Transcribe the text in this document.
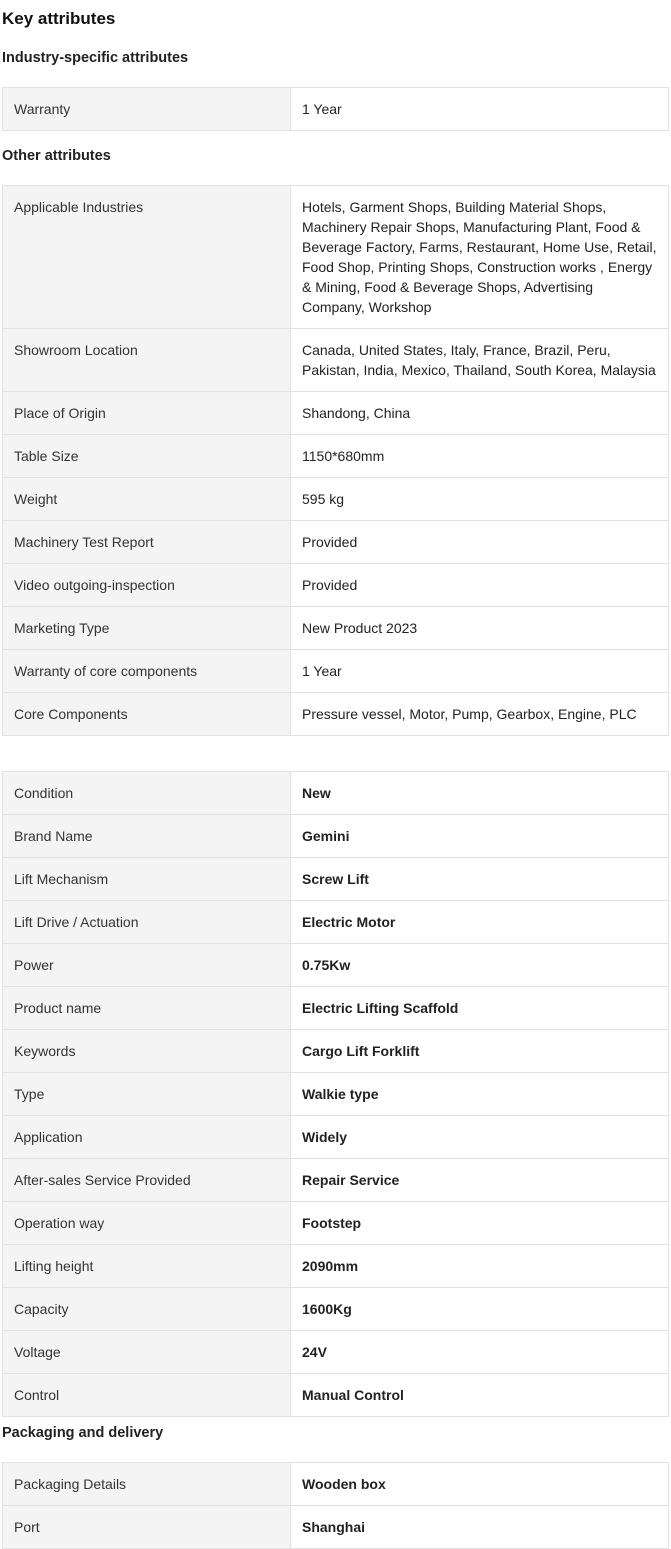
Key attributes
Industry-specific attributes
Warranty	1 Year
Other attributes
Applicable Industries	Hotels, Garment Shops, Building Material Shops, Machinery Repair Shops, Manufacturing Plant, Food & Beverage Factory, Farms, Restaurant, Home Use, Retail, Food Shop, Printing Shops, Construction works , Energy & Mining, Food & Beverage Shops, Advertising Company, Workshop
Showroom Location	Canada, United States, Italy, France, Brazil, Peru, Pakistan, India, Mexico, Thailand, South Korea, Malaysia
Place of Origin	Shandong, China
Table Size	1150*680mm
Weight	595 kg
Machinery Test Report	Provided
Video outgoing-inspection	Provided
Marketing Type	New Product 2023
Warranty of core components	1 Year
Core Components	Pressure vessel, Motor, Pump, Gearbox, Engine, PLC
Condition	New
Brand Name	Gemini
Lift Mechanism	Screw Lift
Lift Drive / Actuation	Electric Motor
Power	0.75Kw
Product name	Electric Lifting Scaffold
Keywords	Cargo Lift Forklift
Type	Walkie type
Application	Widely
After-sales Service Provided	Repair Service
Operation way	Footstep
Lifting height	2090mm
Capacity	1600Kg
Voltage	24V
Control	Manual Control
Packaging and delivery
Packaging Details	Wooden box
Port	Shanghai
